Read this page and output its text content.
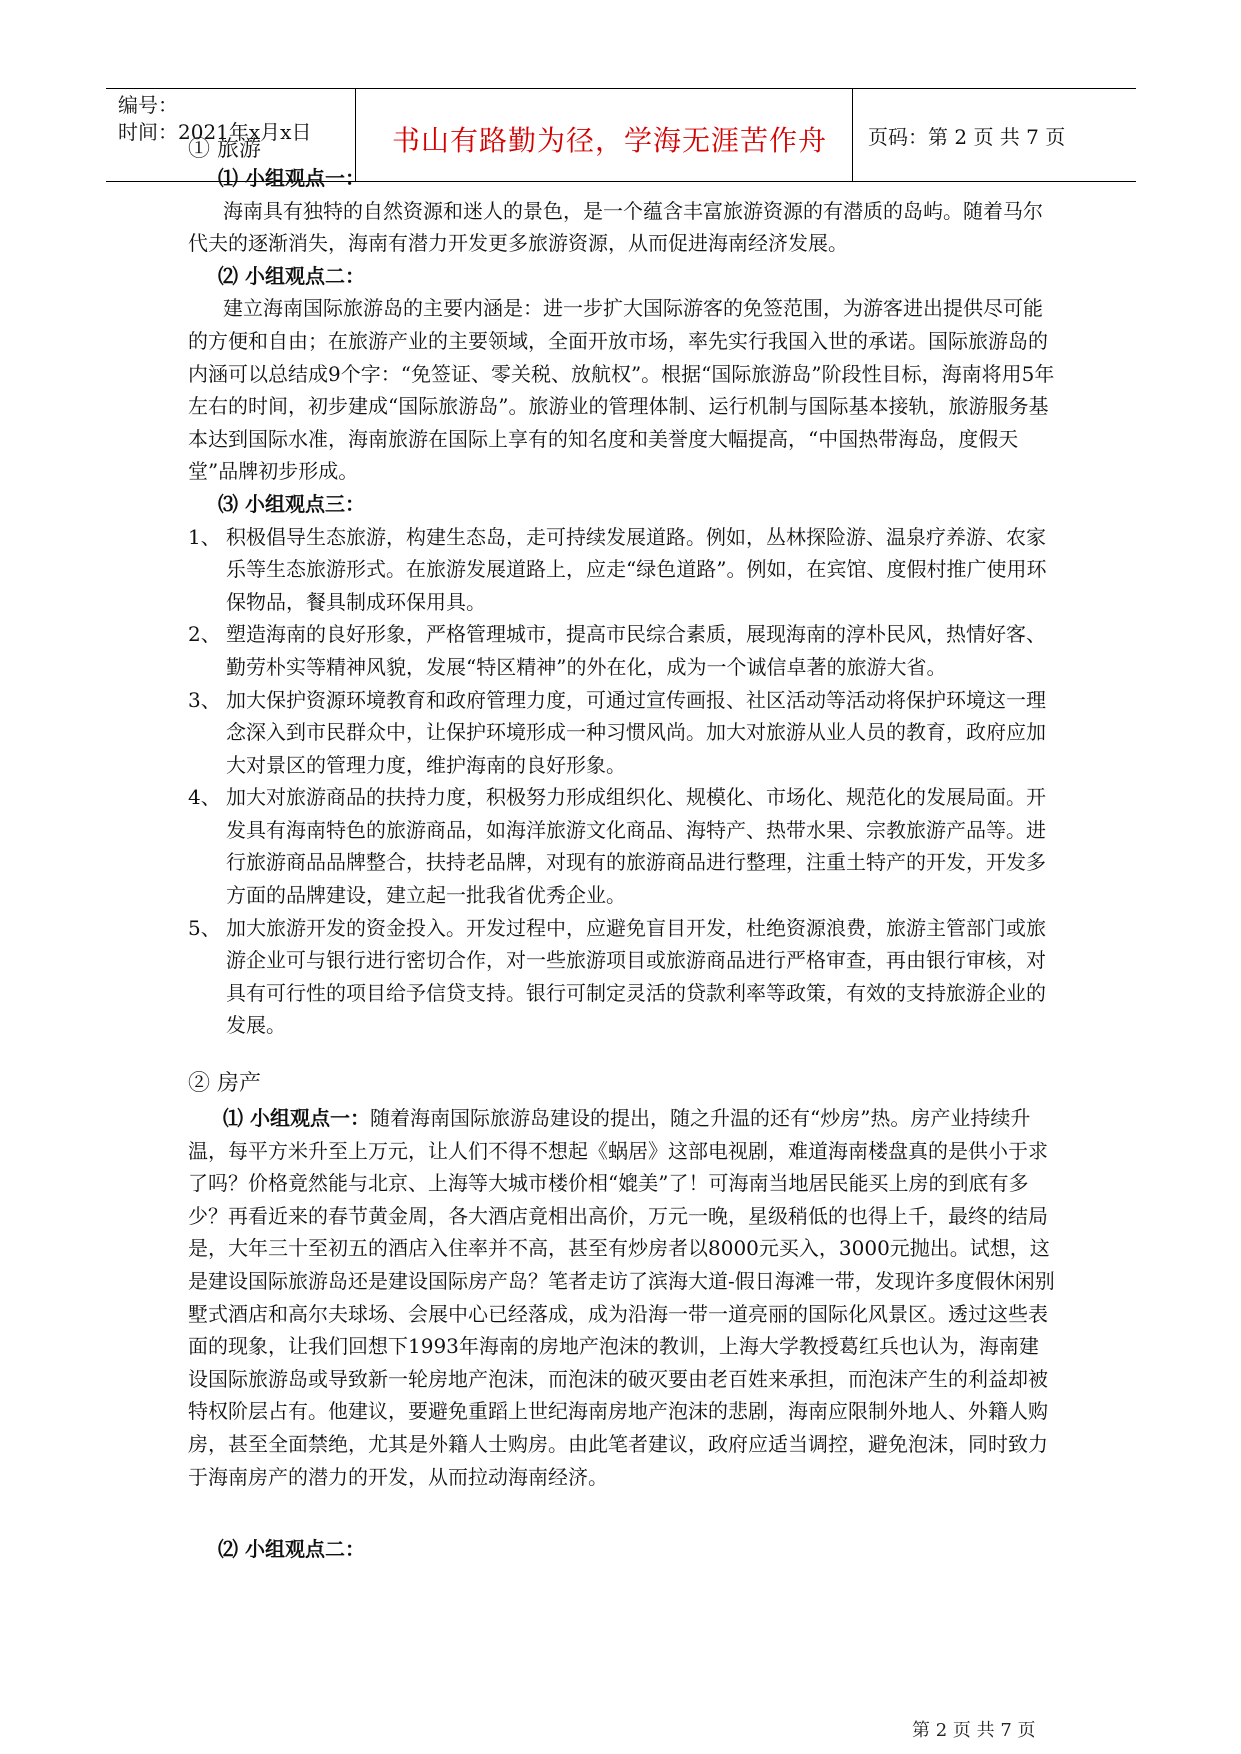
编号：
时间：2021年x月x日	书山有路勤为径，学海无涯苦作舟 页码：第 2 页 共 7 页
① 旅游

⑴ 小组观点一：

海南具有独特的自然资源和迷人的景色，是一个蕴含丰富旅游资源的有潜质的岛屿。随着马尔代夫的逐渐消失，海南有潜力开发更多旅游资源，从而促进海南经济发展。

⑵ 小组观点二：

建立海南国际旅游岛的主要内涵是：进一步扩大国际游客的免签范围，为游客进出提供尽可能的方便和自由；在旅游产业的主要领域，全面开放市场，率先实行我国入世的承诺。国际旅游岛的内涵可以总结成9个字：“免签证、零关税、放航权”。根据“国际旅游岛”阶段性目标，海南将用5年左右的时间，初步建成“国际旅游岛”。旅游业的管理体制、运行机制与国际基本接轨，旅游服务基本达到国际水准，海南旅游在国际上享有的知名度和美誉度大幅提高，“中国热带海岛，度假天堂”品牌初步形成。

⑶ 小组观点三：

1、 积极倡导生态旅游，构建生态岛，走可持续发展道路。例如，丛林探险游、温泉疗养游、农家乐等生态旅游形式。在旅游发展道路上，应走“绿色道路”。例如，在宾馆、度假村推广使用环保物品，餐具制成环保用具。
2、 塑造海南的良好形象，严格管理城市，提高市民综合素质，展现海南的淳朴民风，热情好客、勤劳朴实等精神风貌，发展“特区精神”的外在化，成为一个诚信卓著的旅游大省。
3、 加大保护资源环境教育和政府管理力度，可通过宣传画报、社区活动等活动将保护环境这一理念深入到市民群众中，让保护环境形成一种习惯风尚。加大对旅游从业人员的教育，政府应加大对景区的管理力度，维护海南的良好形象。
4、 加大对旅游商品的扶持力度，积极努力形成组织化、规模化、市场化、规范化的发展局面。开发具有海南特色的旅游商品，如海洋旅游文化商品、海特产、热带水果、宗教旅游产品等。进行旅游商品品牌整合，扶持老品牌，对现有的旅游商品进行整理，注重土特产的开发，开发多方面的品牌建设，建立起一批我省优秀企业。
5、 加大旅游开发的资金投入。开发过程中，应避免盲目开发，杜绝资源浪费，旅游主管部门或旅游企业可与银行进行密切合作，对一些旅游项目或旅游商品进行严格审查，再由银行审核，对具有可行性的项目给予信贷支持。银行可制定灵活的贷款利率等政策，有效的支持旅游企业的发展。

② 房产

⑴ 小组观点一：随着海南国际旅游岛建设的提出，随之升温的还有“炒房”热。房产业持续升温，每平方米升至上万元，让人们不得不想起《蜗居》这部电视剧，难道海南楼盘真的是供小于求了吗？价格竟然能与北京、上海等大城市楼价相“媲美”了！可海南当地居民能买上房的到底有多少？再看近来的春节黄金周，各大酒店竟相出高价，万元一晚，星级稍低的也得上千，最终的结局是，大年三十至初五的酒店入住率并不高，甚至有炒房者以8000元买入，3000元抛出。试想，这是建设国际旅游岛还是建设国际房产岛？笔者走访了滨海大道-假日海滩一带，发现许多度假休闲别墅式酒店和高尔夫球场、会展中心已经落成，成为沿海一带一道亮丽的国际化风景区。透过这些表面的现象，让我们回想下1993年海南的房地产泡沫的教训，上海大学教授葛红兵也认为，海南建设国际旅游岛或导致新一轮房地产泡沫，而泡沫的破灭要由老百姓来承担，而泡沫产生的利益却被特权阶层占有。他建议，要避免重蹈上世纪海南房地产泡沫的悲剧，海南应限制外地人、外籍人购房，甚至全面禁绝，尤其是外籍人士购房。由此笔者建议，政府应适当调控，避免泡沫，同时致力于海南房产的潜力的开发，从而拉动海南经济。

⑵ 小组观点二：

第 2 页 共 7 页
